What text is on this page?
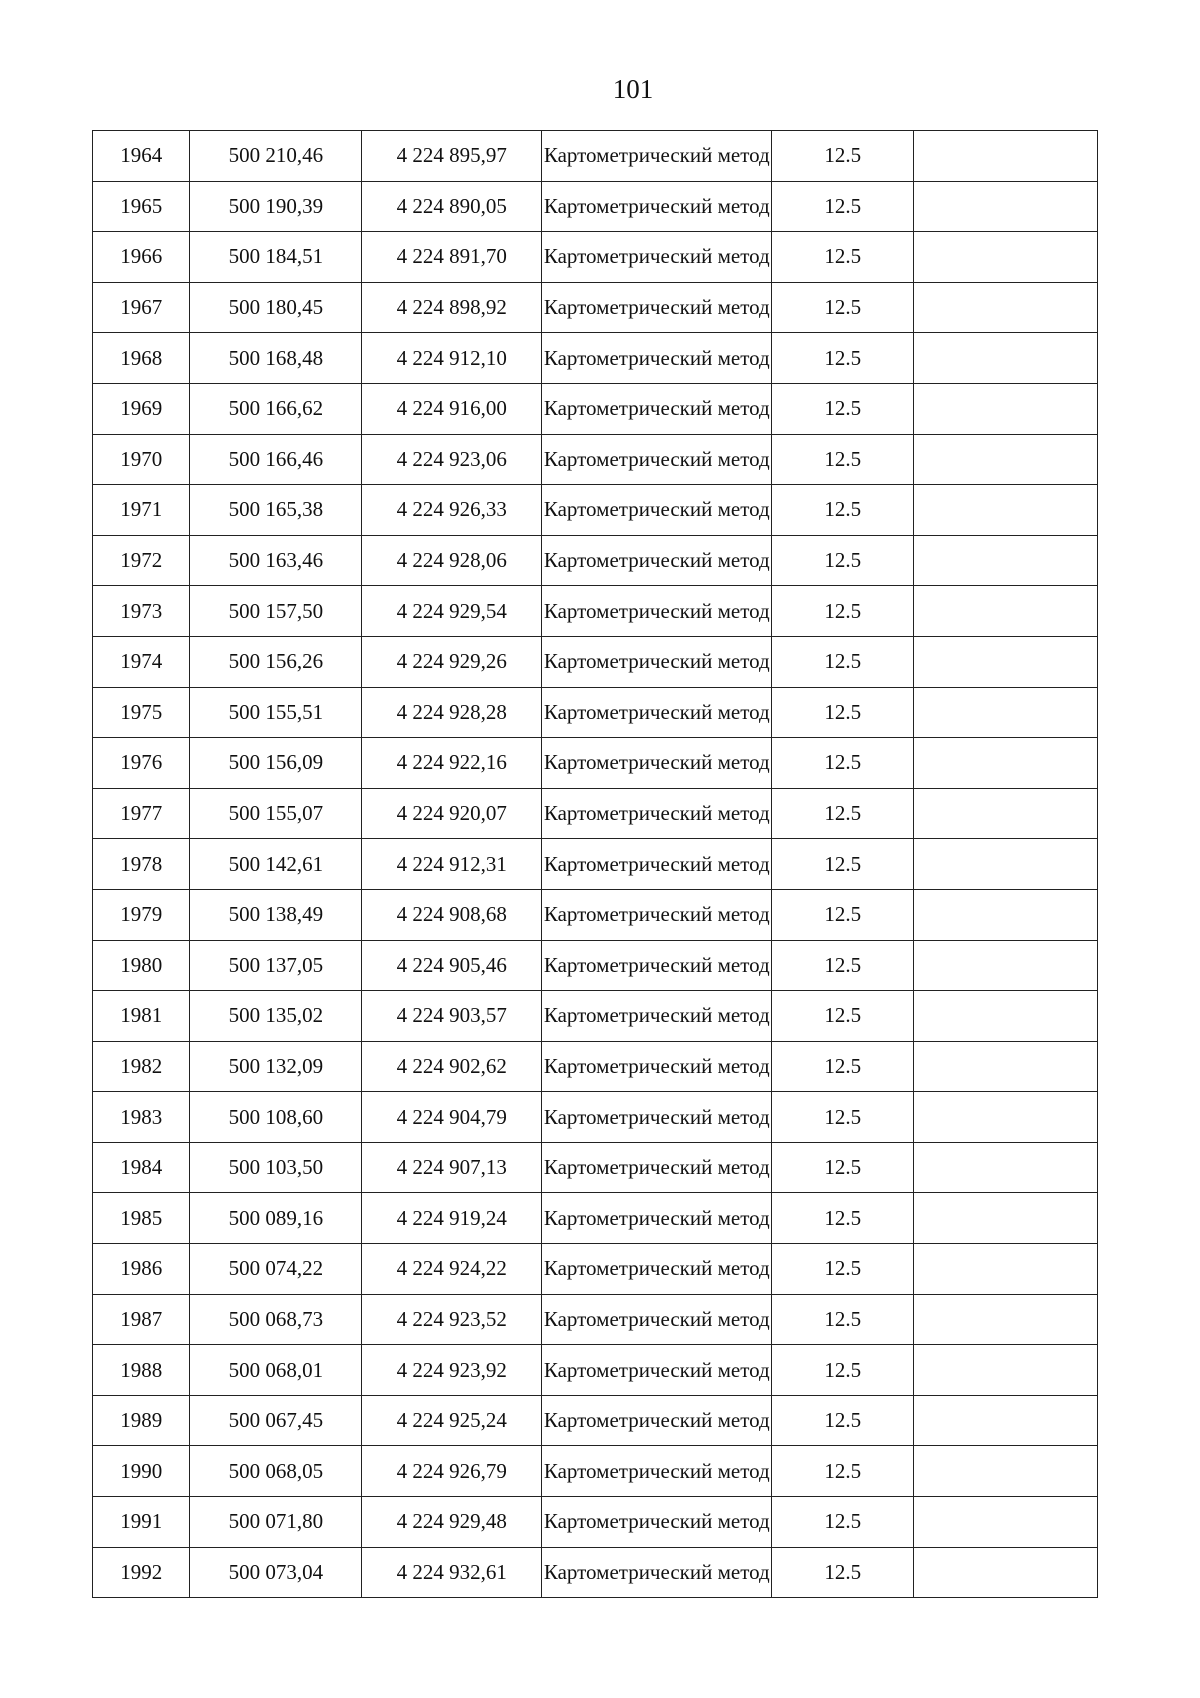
101
1964	500 210,46	4 224 895,97	Картометрический метод	12.5	
1965	500 190,39	4 224 890,05	Картометрический метод	12.5	
1966	500 184,51	4 224 891,70	Картометрический метод	12.5	
1967	500 180,45	4 224 898,92	Картометрический метод	12.5	
1968	500 168,48	4 224 912,10	Картометрический метод	12.5	
1969	500 166,62	4 224 916,00	Картометрический метод	12.5	
1970	500 166,46	4 224 923,06	Картометрический метод	12.5	
1971	500 165,38	4 224 926,33	Картометрический метод	12.5	
1972	500 163,46	4 224 928,06	Картометрический метод	12.5	
1973	500 157,50	4 224 929,54	Картометрический метод	12.5	
1974	500 156,26	4 224 929,26	Картометрический метод	12.5	
1975	500 155,51	4 224 928,28	Картометрический метод	12.5	
1976	500 156,09	4 224 922,16	Картометрический метод	12.5	
1977	500 155,07	4 224 920,07	Картометрический метод	12.5	
1978	500 142,61	4 224 912,31	Картометрический метод	12.5	
1979	500 138,49	4 224 908,68	Картометрический метод	12.5	
1980	500 137,05	4 224 905,46	Картометрический метод	12.5	
1981	500 135,02	4 224 903,57	Картометрический метод	12.5	
1982	500 132,09	4 224 902,62	Картометрический метод	12.5	
1983	500 108,60	4 224 904,79	Картометрический метод	12.5	
1984	500 103,50	4 224 907,13	Картометрический метод	12.5	
1985	500 089,16	4 224 919,24	Картометрический метод	12.5	
1986	500 074,22	4 224 924,22	Картометрический метод	12.5	
1987	500 068,73	4 224 923,52	Картометрический метод	12.5	
1988	500 068,01	4 224 923,92	Картометрический метод	12.5	
1989	500 067,45	4 224 925,24	Картометрический метод	12.5	
1990	500 068,05	4 224 926,79	Картометрический метод	12.5	
1991	500 071,80	4 224 929,48	Картометрический метод	12.5	
1992	500 073,04	4 224 932,61	Картометрический метод	12.5	
